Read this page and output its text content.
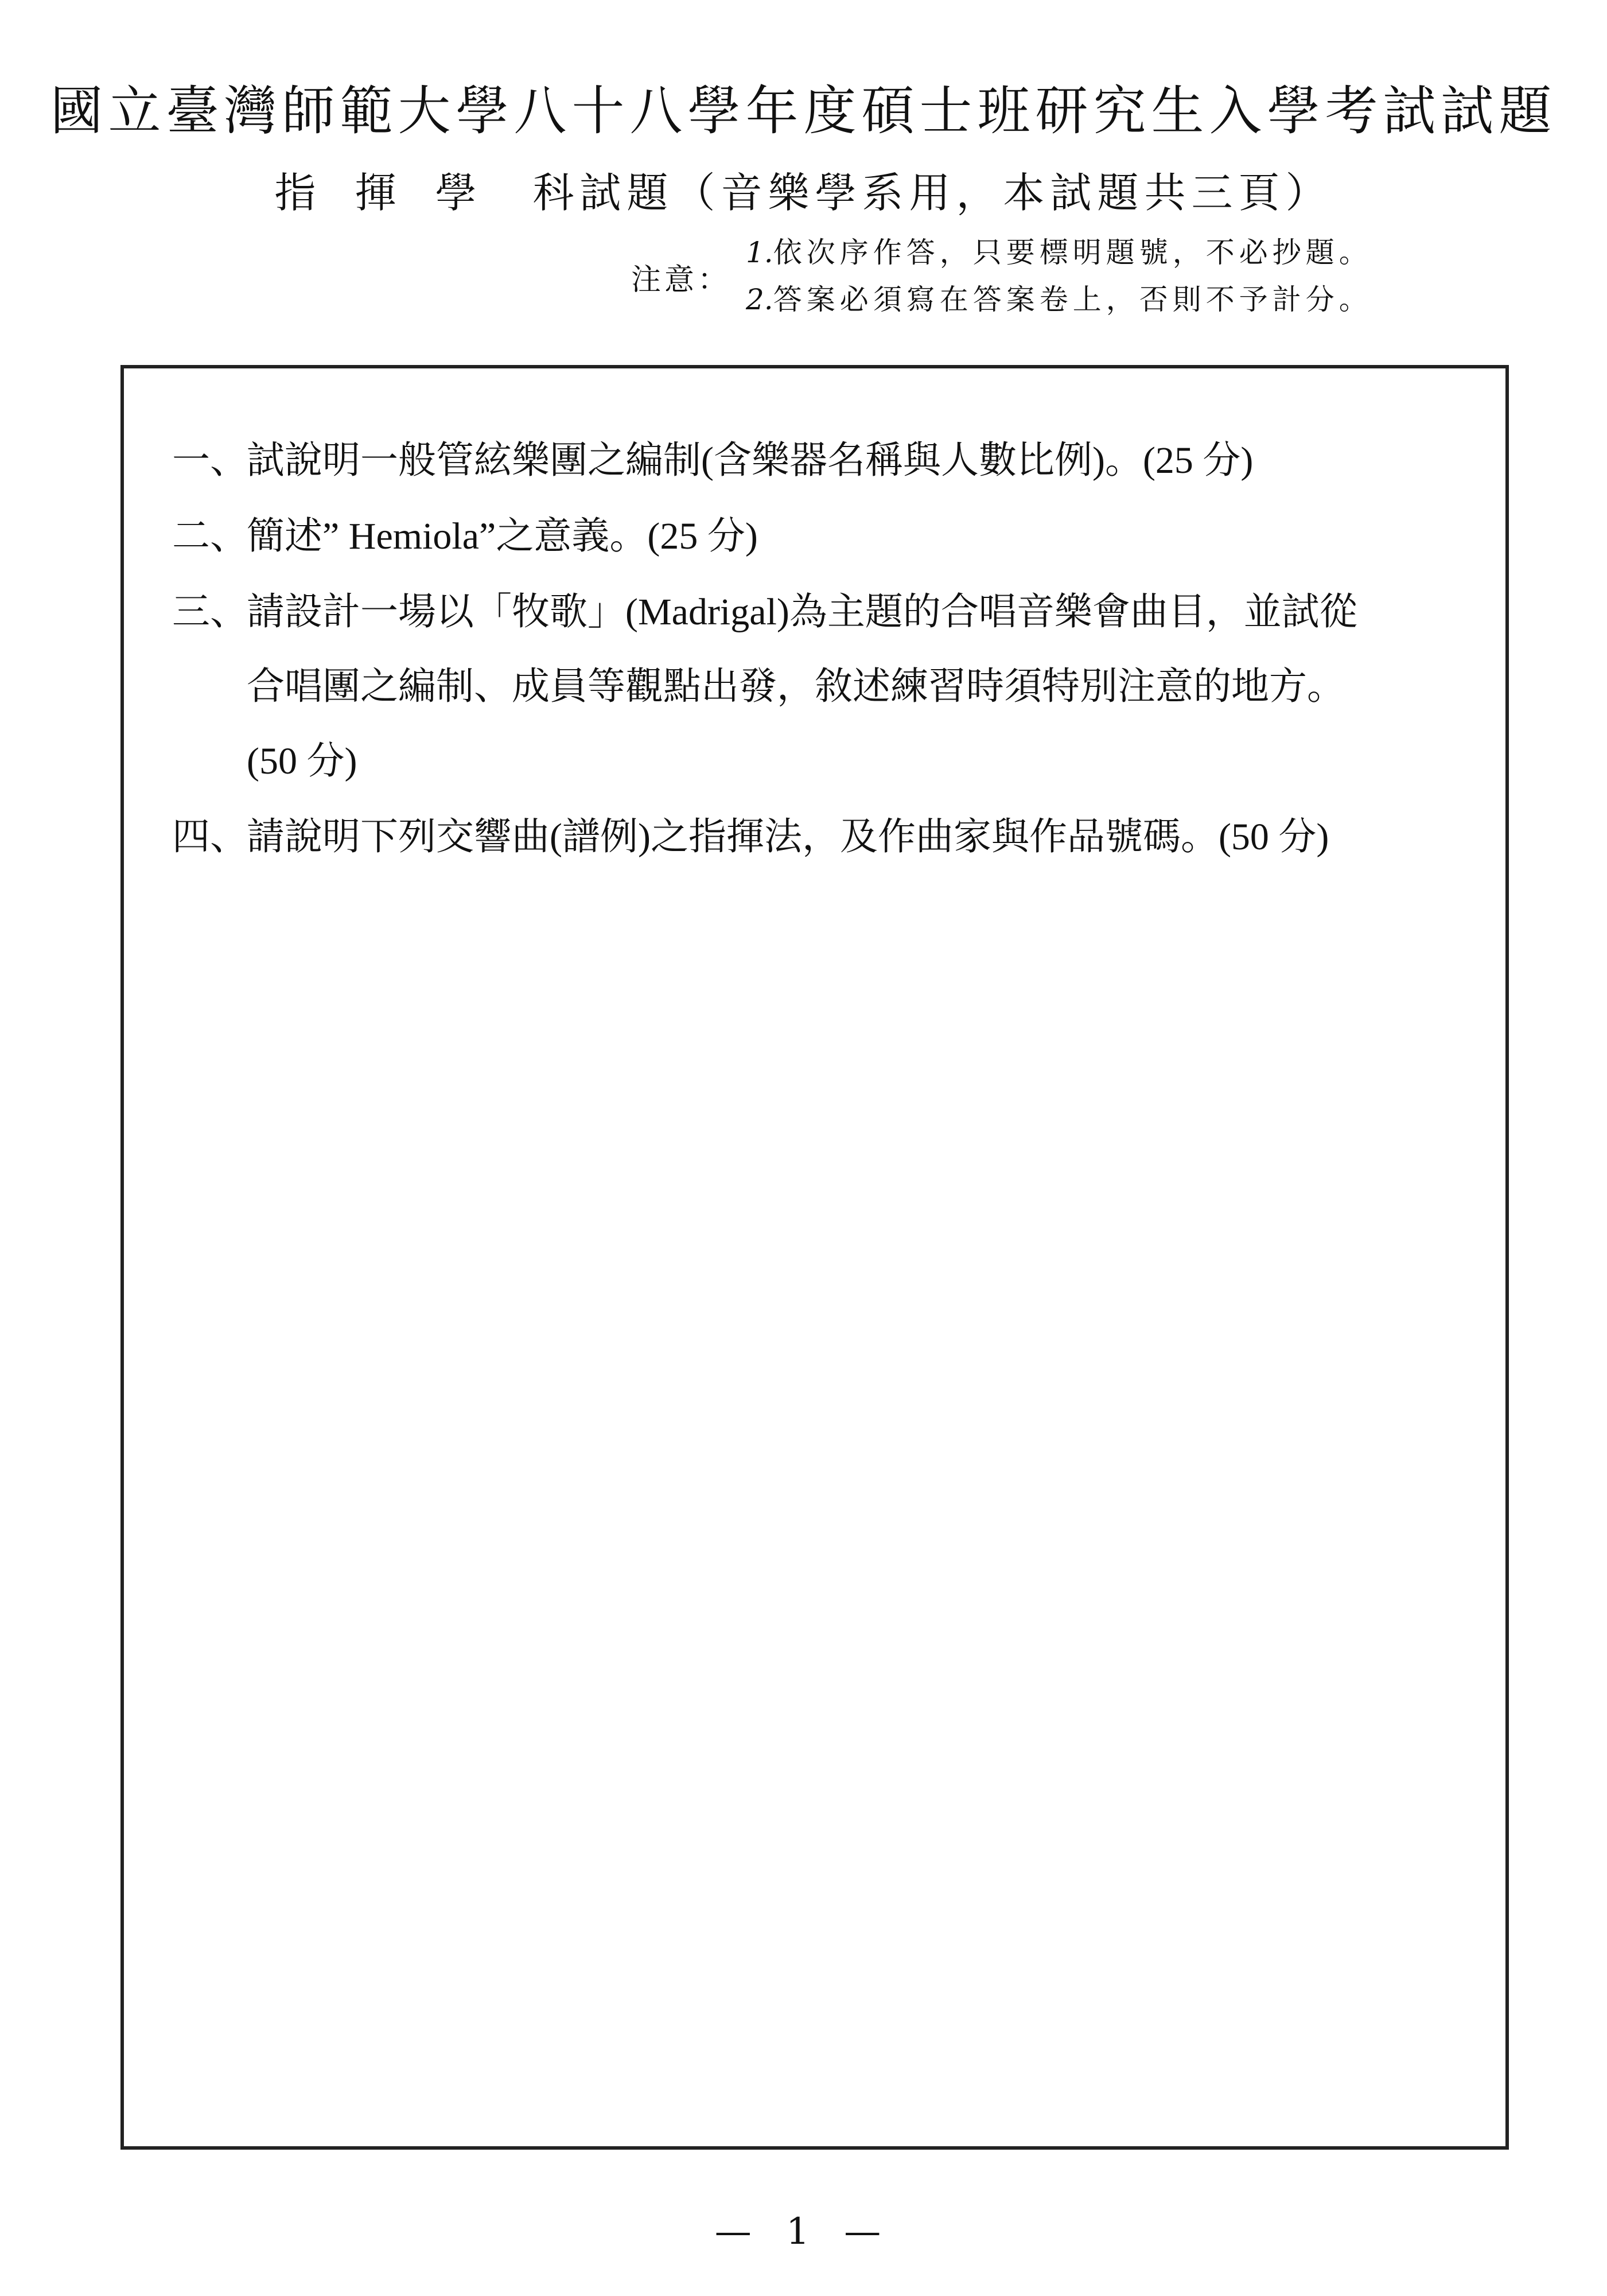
國立臺灣師範大學八十八學年度碩士班研究生入學考試試題
指揮學 科試題（音樂學系用，本試題共三頁）
注意：
1.依次序作答，只要標明題號，不必抄題。
2.答案必須寫在答案卷上，否則不予計分。
一、試說明一般管絃樂團之編制(含樂器名稱與人數比例)。(25 分)
二、簡述” Hemiola”之意義。(25 分)
三、請設計一場以「牧歌」(Madrigal)為主題的合唱音樂會曲目，並試從
合唱團之編制、成員等觀點出發，敘述練習時須特別注意的地方。
(50 分)
四、請說明下列交響曲(譜例)之指揮法，及作曲家與作品號碼。(50 分)
— 1 —
